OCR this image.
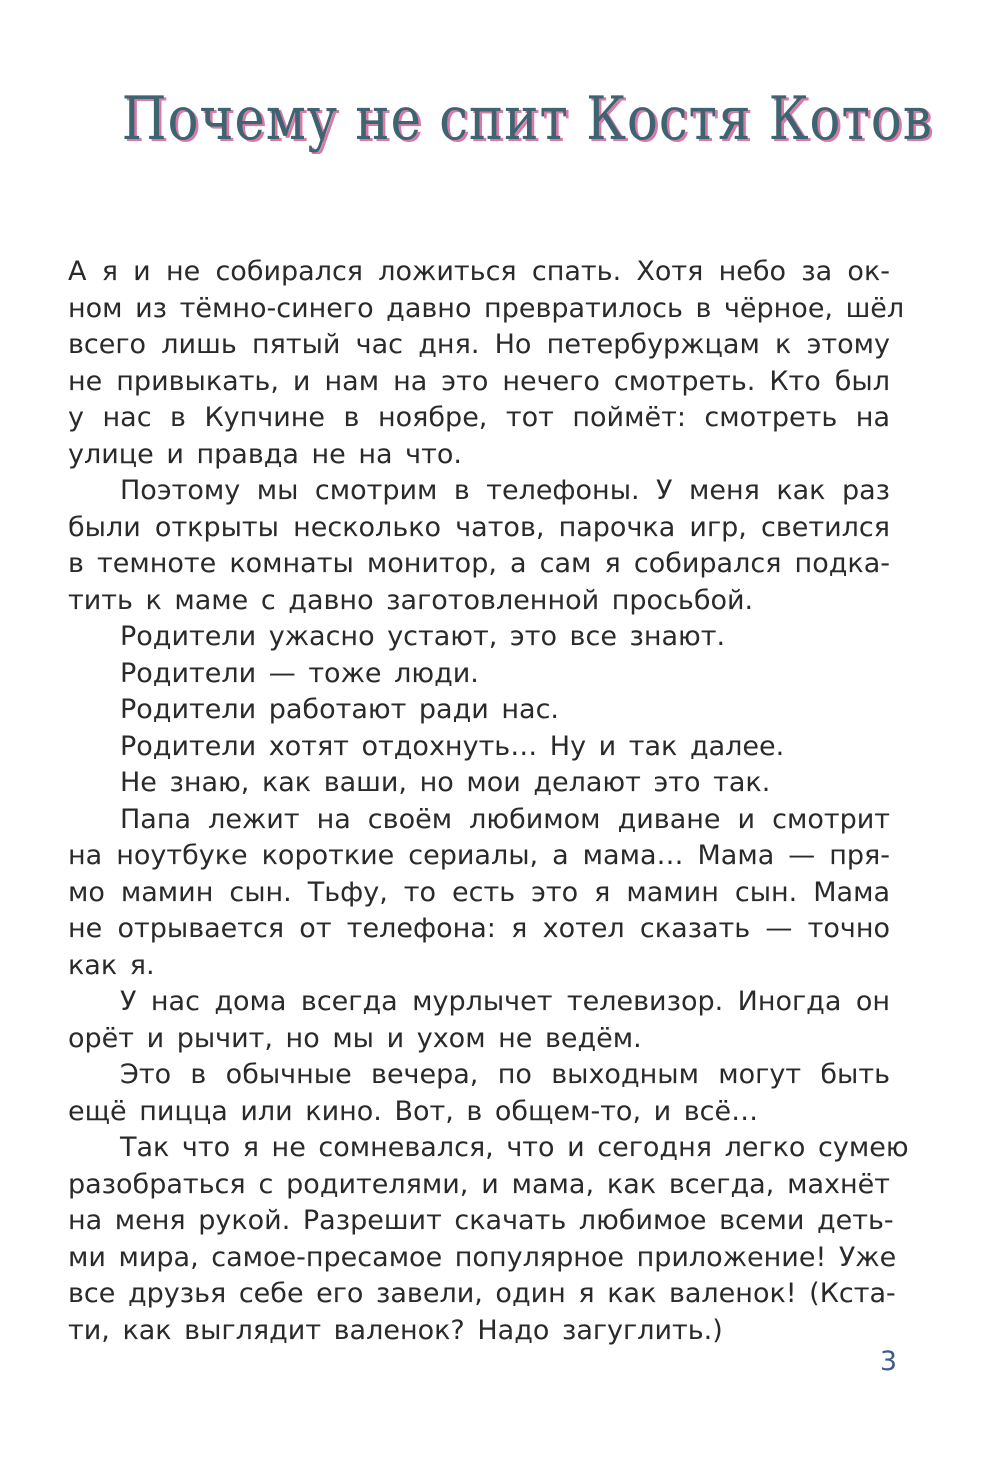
Почему не спит Костя Котов

А я и не собирался ложиться спать. Хотя небо за ок-
ном из тёмно-синего давно превратилось в чёрное, шёл
всего лишь пятый час дня. Но петербуржцам к этому
не привыкать, и нам на это нечего смотреть. Кто был
у нас в Купчине в ноябре, тот поймёт: смотреть на
улице и правда не на что.

Поэтому мы смотрим в телефоны. У меня как раз
были открыты несколько чатов, парочка игр, светился
в темноте комнаты монитор, а сам я собирался подка-
тить к маме с давно заготовленной просьбой.

Родители ужасно устают, это все знают.

Родители — тоже люди.

Родители работают ради нас.

Родители хотят отдохнуть… Ну и так далее.

Не знаю, как ваши, но мои делают это так.

Папа лежит на своём любимом диване и смотрит
на ноутбуке короткие сериалы, а мама… Мама — пря-
мо мамин сын. Тьфу, то есть это я мамин сын. Мама
не отрывается от телефона: я хотел сказать — точно
как я.

У нас дома всегда мурлычет телевизор. Иногда он
орёт и рычит, но мы и ухом не ведём.

Это в обычные вечера, по выходным могут быть
ещё пицца или кино. Вот, в общем-то, и всё…

Так что я не сомневался, что и сегодня легко сумею
разобраться с родителями, и мама, как всегда, махнёт
на меня рукой. Разрешит скачать любимое всеми деть-
ми мира, самое-пресамое популярное приложение! Уже
все друзья себе его завели, один я как валенок! (Кста-
ти, как выглядит валенок? Надо загуглить.)

3
